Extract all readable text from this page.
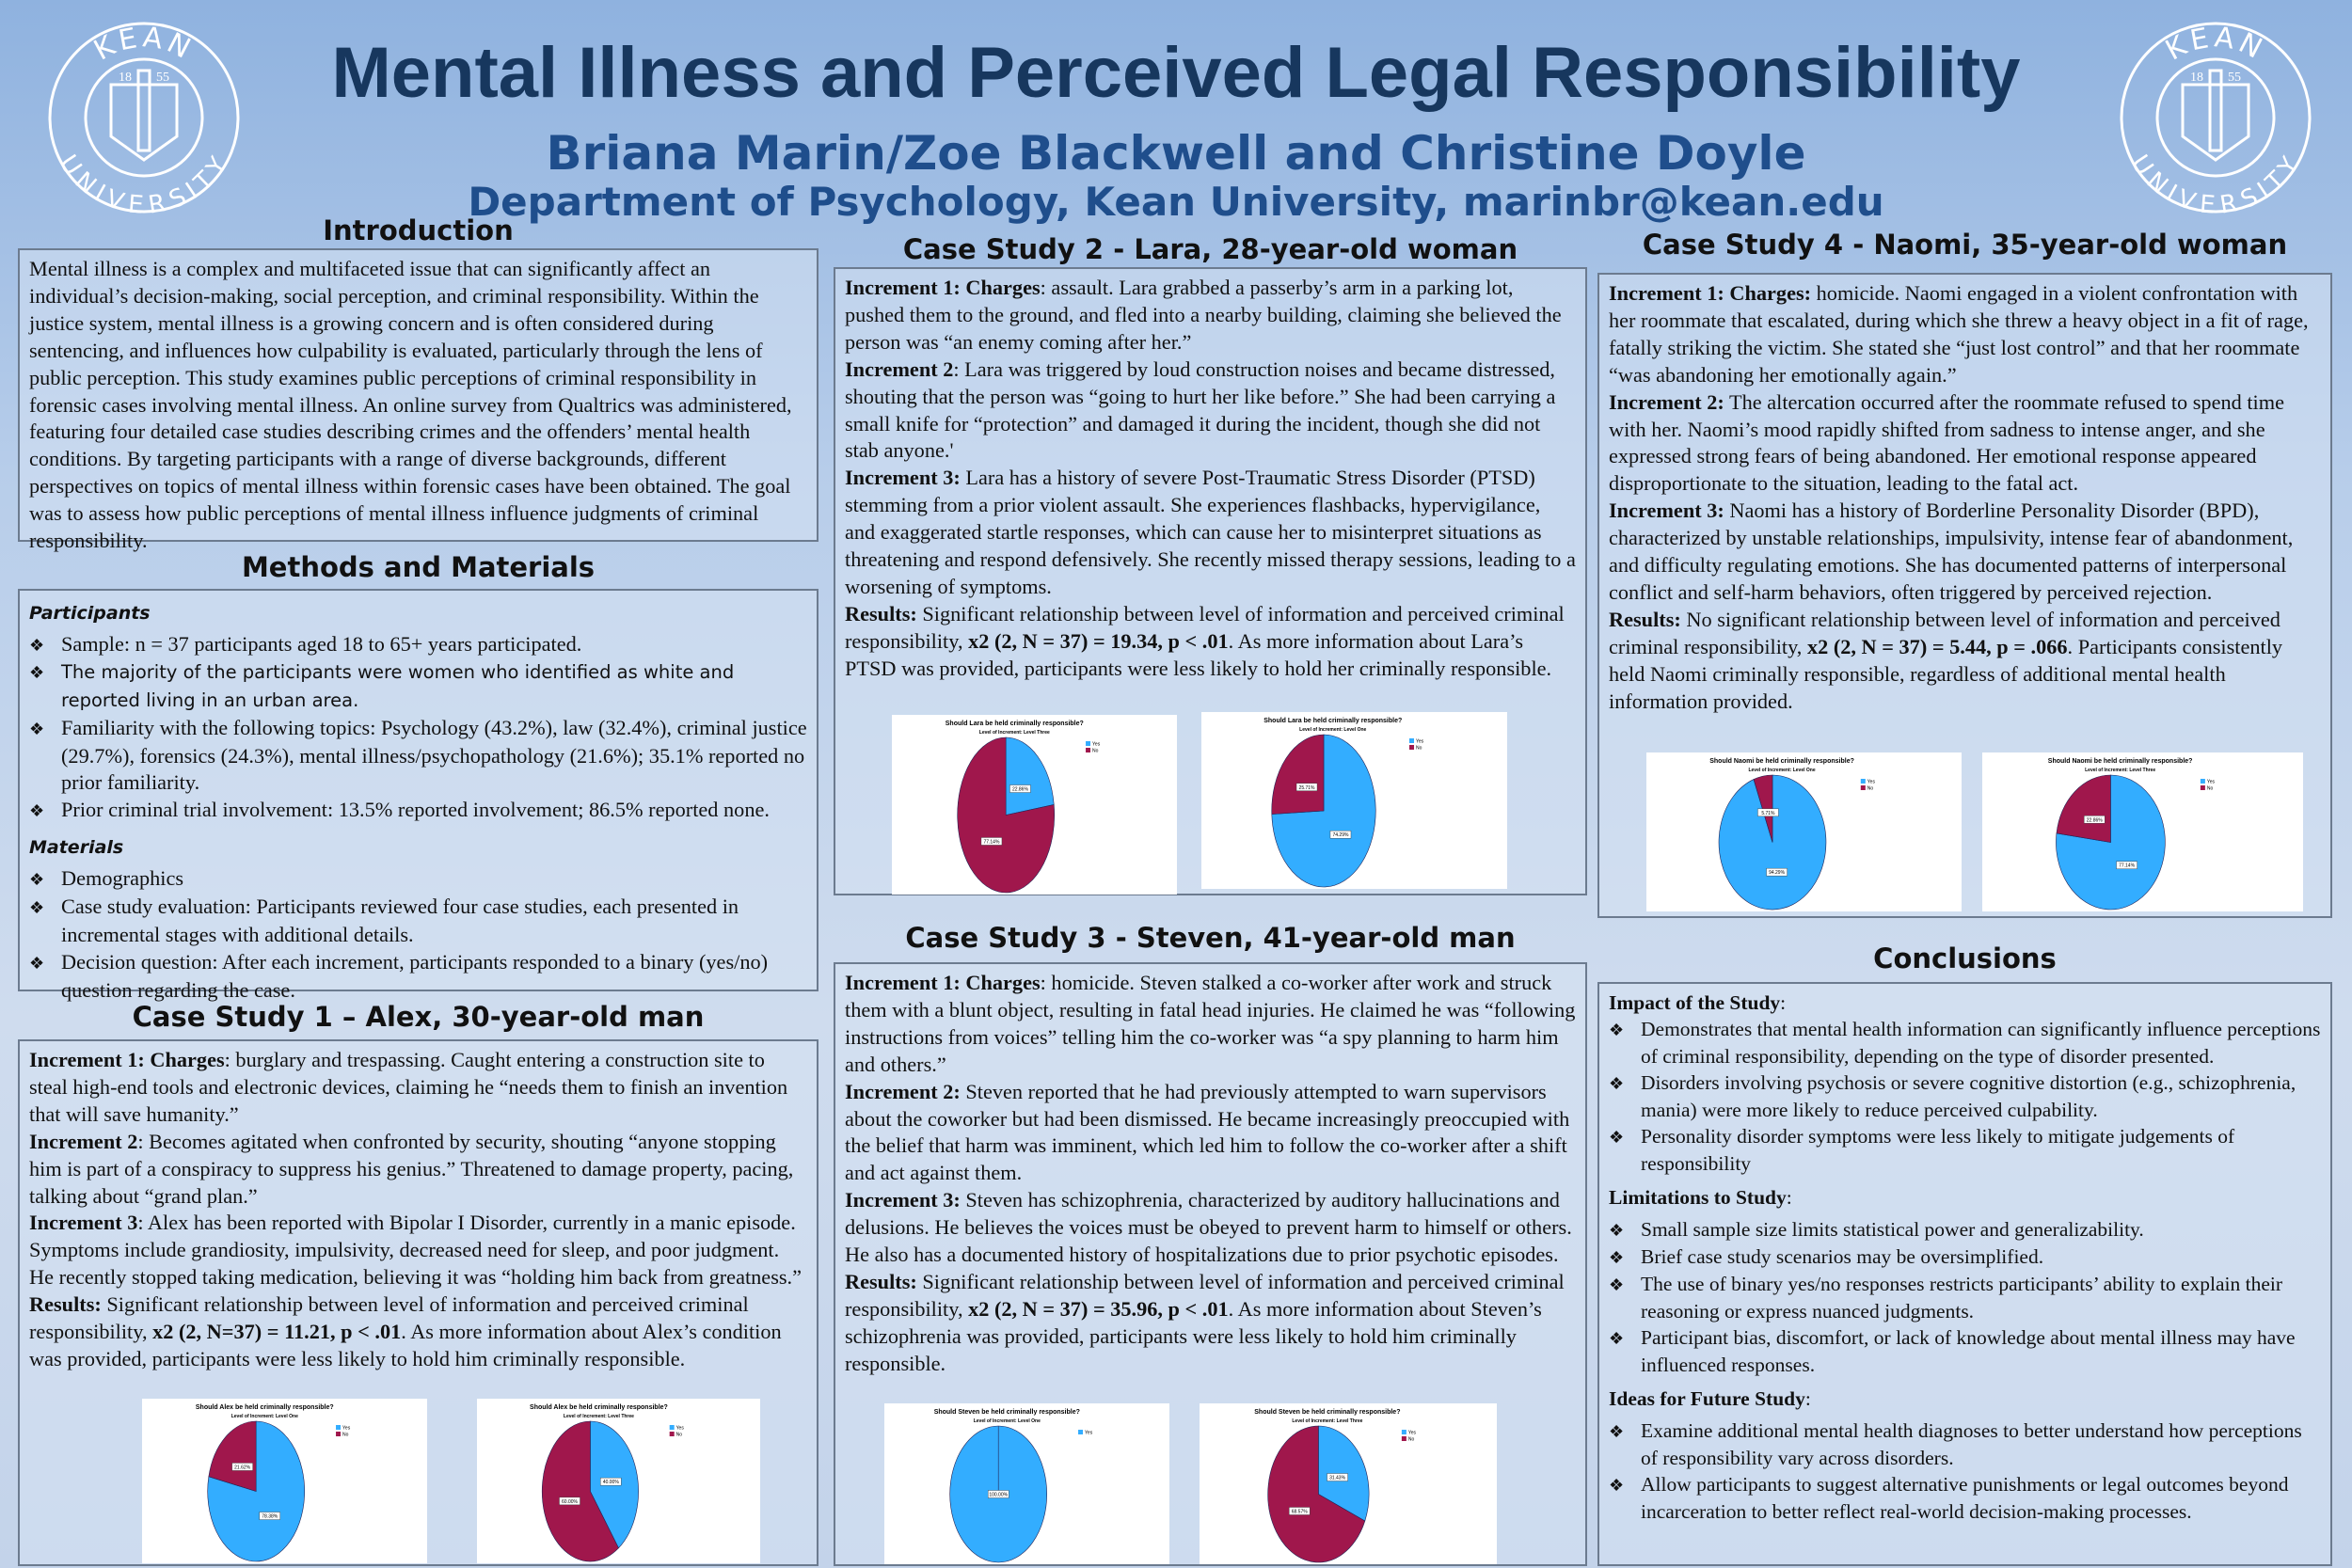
KEAN
UNIVERSITY
18 55
KEAN
UNIVERSITY
18 55
Mental Illness and Perceived Legal Responsibility
Briana Marin/Zoe Blackwell and Christine Doyle
Department of Psychology, Kean University, marinbr@kean.edu
Introduction

Mental illness is a complex and multifaceted issue that can significantly affect an individual’s decision-making, social perception, and criminal responsibility. Within the justice system, mental illness is a growing concern and is often considered during sentencing, and influences how culpability is evaluated, particularly through the lens of public perception. This study examines public perceptions of criminal responsibility in forensic cases involving mental illness. An online survey from Qualtrics was administered, featuring four detailed case studies describing crimes and the offenders’ mental health conditions. By targeting participants with a range of diverse backgrounds, different perspectives on topics of mental illness within forensic cases have been obtained. The goal was to assess how public perceptions of mental illness influence judgments of criminal responsibility.

Methods and Materials
Participants
❖ Sample: n = 37 participants aged 18 to 65+ years participated.
❖ The majority of the participants were women who identified as white and reported living in an urban area.
❖ Familiarity with the following topics: Psychology (43.2%), law (32.4%), criminal justice (29.7%), forensics (24.3%), mental illness/psychopathology (21.6%); 35.1% reported no prior familiarity.
❖ Prior criminal trial involvement: 13.5% reported involvement; 86.5% reported none.
Materials
❖ Demographics
❖ Case study evaluation: Participants reviewed four case studies, each presented in incremental stages with additional details.
❖ Decision question: After each increment, participants responded to a binary (yes/no) question regarding the case.
Case Study 1 – Alex, 30-year-old man

Increment 1: Charges: burglary and trespassing. Caught entering a construction site to steal high-end tools and electronic devices, claiming he “needs them to finish an invention that will save humanity.”

Increment 2: Becomes agitated when confronted by security, shouting “anyone stopping him is part of a conspiracy to suppress his genius.” Threatened to damage property, pacing, talking about “grand plan.”

Increment 3: Alex has been reported with Bipolar I Disorder, currently in a manic episode. Symptoms include grandiosity, impulsivity, decreased need for sleep, and poor judgment. He recently stopped taking medication, believing it was “holding him back from greatness.”

Results: Significant relationship between level of information and perceived criminal responsibility, x2 (2, N=37) = 11.21, p < .01. As more information about Alex’s condition was provided, participants were less likely to hold him criminally responsible.

Case Study 2 - Lara, 28-year-old woman

Increment 1: Charges: assault. Lara grabbed a passerby’s arm in a parking lot, pushed them to the ground, and fled into a nearby building, claiming she believed the person was “an enemy coming after her.”

Increment 2: Lara was triggered by loud construction noises and became distressed, shouting that the person was “going to hurt her like before.” She had been carrying a small knife for “protection” and damaged it during the incident, though she did not stab anyone.'

Increment 3: Lara has a history of severe Post-Traumatic Stress Disorder (PTSD) stemming from a prior violent assault. She experiences flashbacks, hypervigilance, and exaggerated startle responses, which can cause her to misinterpret situations as threatening and respond defensively. She recently missed therapy sessions, leading to a worsening of symptoms.

Results: Significant relationship between level of information and perceived criminal responsibility, x2 (2, N = 37) = 19.34, p < .01. As more information about Lara’s PTSD was provided, participants were less likely to hold her criminally responsible.

Case Study 3 - Steven, 41-year-old man

Increment 1: Charges: homicide. Steven stalked a co-worker after work and struck them with a blunt object, resulting in fatal head injuries. He claimed he was “following instructions from voices” telling him the co-worker was “a spy planning to harm him and others.”

Increment 2: Steven reported that he had previously attempted to warn supervisors about the coworker but had been dismissed. He became increasingly preoccupied with the belief that harm was imminent, which led him to follow the co-worker after a shift and act against them.

Increment 3: Steven has schizophrenia, characterized by auditory hallucinations and delusions. He believes the voices must be obeyed to prevent harm to himself or others. He also has a documented history of hospitalizations due to prior psychotic episodes.

Results: Significant relationship between level of information and perceived criminal responsibility, x2 (2, N = 37) = 35.96, p < .01. As more information about Steven’s schizophrenia was provided, participants were less likely to hold him criminally responsible.

Case Study 4 - Naomi, 35-year-old woman

Increment 1: Charges: homicide. Naomi engaged in a violent confrontation with her roommate that escalated, during which she threw a heavy object in a fit of rage, fatally striking the victim. She stated she “just lost control” and that her roommate “was abandoning her emotionally again.”

Increment 2: The altercation occurred after the roommate refused to spend time with her. Naomi’s mood rapidly shifted from sadness to intense anger, and she expressed strong fears of being abandoned. Her emotional response appeared disproportionate to the situation, leading to the fatal act.

Increment 3: Naomi has a history of Borderline Personality Disorder (BPD), characterized by unstable relationships, impulsivity, intense fear of abandonment, and difficulty regulating emotions. She has documented patterns of interpersonal conflict and self-harm behaviors, often triggered by perceived rejection.

Results: No significant relationship between level of information and perceived criminal responsibility, x2 (2, N = 37) = 5.44, p = .066. Participants consistently held Naomi criminally responsible, regardless of additional mental health information provided.

Conclusions

Impact of the Study:

❖ Demonstrates that mental health information can significantly influence perceptions of criminal responsibility, depending on the type of disorder presented.
❖ Disorders involving psychosis or severe cognitive distortion (e.g., schizophrenia, mania) were more likely to reduce perceived culpability.
❖ Personality disorder symptoms were less likely to mitigate judgements of responsibility

Limitations to Study:

❖ Small sample size limits statistical power and generalizability.
❖ Brief case study scenarios may be oversimplified.
❖ The use of binary yes/no responses restricts participants’ ability to explain their reasoning or express nuanced judgments.
❖ Participant bias, discomfort, or lack of knowledge about mental illness may have influenced responses.

Ideas for Future Study:

❖ Examine additional mental health diagnoses to better understand how perceptions of responsibility vary across disorders.
❖ Allow participants to suggest alternative punishments or legal outcomes beyond incarceration to better reflect real-world decision-making processes.
Should Alex be held criminally responsible?
Level of Increment: Level One
78.38%
Yes
21.62%
No
Should Alex be held criminally responsible?
Level of Increment: Level Three
40.00%
Yes
60.00%
No
Should Lara be held criminally responsible?
Level of Increment: Level Three
22.86%
Yes
77.14%
No
Should Lara be held criminally responsible?
Level of Increment: Level One
74.29%
Yes
25.71%
No
Should Steven be held criminally responsible?
Level of Increment: Level One
100.00%
Yes
Should Steven be held criminally responsible?
Level of Increment: Level Three
31.43%
Yes
68.57%
No
Should Naomi be held criminally responsible?
Level of Increment: Level One
94.29%
Yes
5.71%
No
Should Naomi be held criminally responsible?
Level of Increment: Level Three
77.14%
Yes
22.86%
No
